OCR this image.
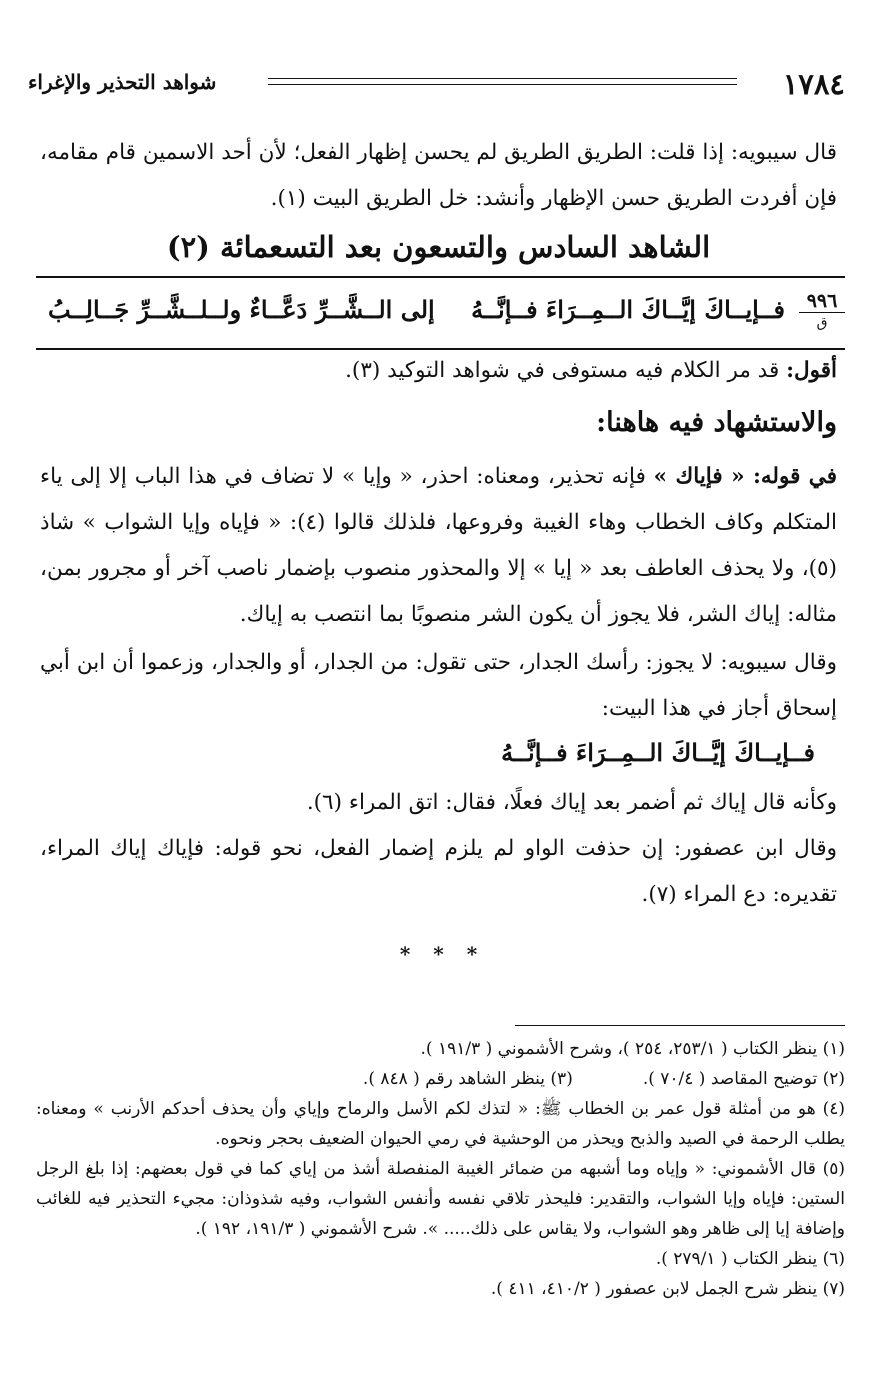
١٧٨٤
شواهد التحذير والإغراء
قال سيبويه: إذا قلت: الطريق الطريق لم يحسن إظهار الفعل؛ لأن أحد الاسمين قام مقامه، فإن أفردت الطريق حسن الإظهار وأنشد: خل الطريق البيت (١).
الشاهد السادس والتسعون بعد التسعمائة (٢)
٩٩٦
ق
فــإيــاكَ إيَّــاكَ الــمِــرَاءَ فــإنَّــهُ
إلى الــشَّــرِّ دَعَّــاءٌ ولــلــشَّــرِّ جَــالِــبُ
أقول: قد مر الكلام فيه مستوفى في شواهد التوكيد (٣).
والاستشهاد فيه هاهنا:
في قوله: « فإياك » فإنه تحذير، ومعناه: احذر، « وإيا » لا تضاف في هذا الباب إلا إلى ياء المتكلم وكاف الخطاب وهاء الغيبة وفروعها، فلذلك قالوا (٤): « فإياه وإيا الشواب » شاذ (٥)، ولا يحذف العاطف بعد « إيا » إلا والمحذور منصوب بإضمار ناصب آخر أو مجرور بمن، مثاله: إياك الشر، فلا يجوز أن يكون الشر منصوبًا بما انتصب به إياك.
وقال سيبويه: لا يجوز: رأسك الجدار، حتى تقول: من الجدار، أو والجدار، وزعموا أن ابن أبي إسحاق أجاز في هذا البيت:
فــإيــاكَ إيَّــاكَ الــمِــرَاءَ فــإنَّــهُ
وكأنه قال إياك ثم أضمر بعد إياك فعلًا، فقال: اتق المراء (٦).
وقال ابن عصفور: إن حذفت الواو لم يلزم إضمار الفعل، نحو قوله: فإياك إياك المراء، تقديره: دع المراء (٧).
* * *
(١) ينظر الكتاب ( ٢٥٣/١، ٢٥٤ )، وشرح الأشموني ( ١٩١/٣ ).
(٢) توضيح المقاصد ( ٧٠/٤ ).
(٣) ينظر الشاهد رقم ( ٨٤٨ ).
(٤) هو من أمثلة قول عمر بن الخطاب ﷺ: « لتذك لكم الأسل والرماح وإياي وأن يحذف أحدكم الأرنب » ومعناه: يطلب الرحمة في الصيد والذبح ويحذر من الوحشية في رمي الحيوان الضعيف بحجر ونحوه.
(٥) قال الأشموني: « وإياه وما أشبهه من ضمائر الغيبة المنفصلة أشذ من إياي كما في قول بعضهم: إذا بلغ الرجل الستين: فإياه وإيا الشواب، والتقدير: فليحذر تلاقي نفسه وأنفس الشواب، وفيه شذوذان: مجيء التحذير فيه للغائب وإضافة إيا إلى ظاهر وهو الشواب، ولا يقاس على ذلك..... ». شرح الأشموني ( ١٩١/٣، ١٩٢ ).
(٦) ينظر الكتاب ( ٢٧٩/١ ).
(٧) ينظر شرح الجمل لابن عصفور ( ٤١٠/٢، ٤١١ ).
